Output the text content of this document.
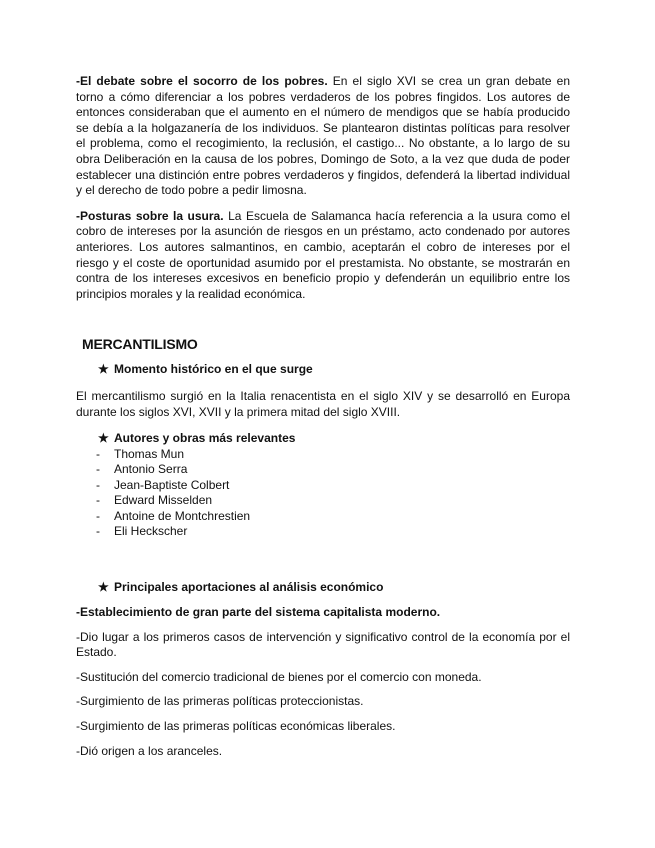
-El debate sobre el socorro de los pobres. En el siglo XVI se crea un gran debate en torno a cómo diferenciar a los pobres verdaderos de los pobres fingidos. Los autores de entonces consideraban que el aumento en el número de mendigos que se había producido se debía a la holgazanería de los individuos. Se plantearon distintas políticas para resolver el problema, como el recogimiento, la reclusión, el castigo... No obstante, a lo largo de su obra Deliberación en la causa de los pobres, Domingo de Soto, a la vez que duda de poder establecer una distinción entre pobres verdaderos y fingidos, defenderá la libertad individual y el derecho de todo pobre a pedir limosna.

-Posturas sobre la usura. La Escuela de Salamanca hacía referencia a la usura como el cobro de intereses por la asunción de riesgos en un préstamo, acto condenado por autores anteriores. Los autores salmantinos, en cambio, aceptarán el cobro de intereses por el riesgo y el coste de oportunidad asumido por el prestamista. No obstante, se mostrarán en contra de los intereses excesivos en beneficio propio y defenderán un equilibrio entre los principios morales y la realidad económica.

MERCANTILISMO
★ Momento histórico en el que surge

El mercantilismo surgió en la Italia renacentista en el siglo XIV y se desarrolló en Europa durante los siglos XVI, XVII y la primera mitad del siglo XVIII.

★ Autores y obras más relevantes
-	Thomas Mun
-	Antonio Serra
-	Jean-Baptiste Colbert
-	Edward Misselden
-	Antoine de Montchrestien
-	Eli Heckscher
★ Principales aportaciones al análisis económico
-Establecimiento de gran parte del sistema capitalista moderno.
-Dio lugar a los primeros casos de intervención y significativo control de la economía por el Estado.
-Sustitución del comercio tradicional de bienes por el comercio con moneda.
-Surgimiento de las primeras políticas proteccionistas.
-Surgimiento de las primeras políticas económicas liberales.
-Dió origen a los aranceles.
